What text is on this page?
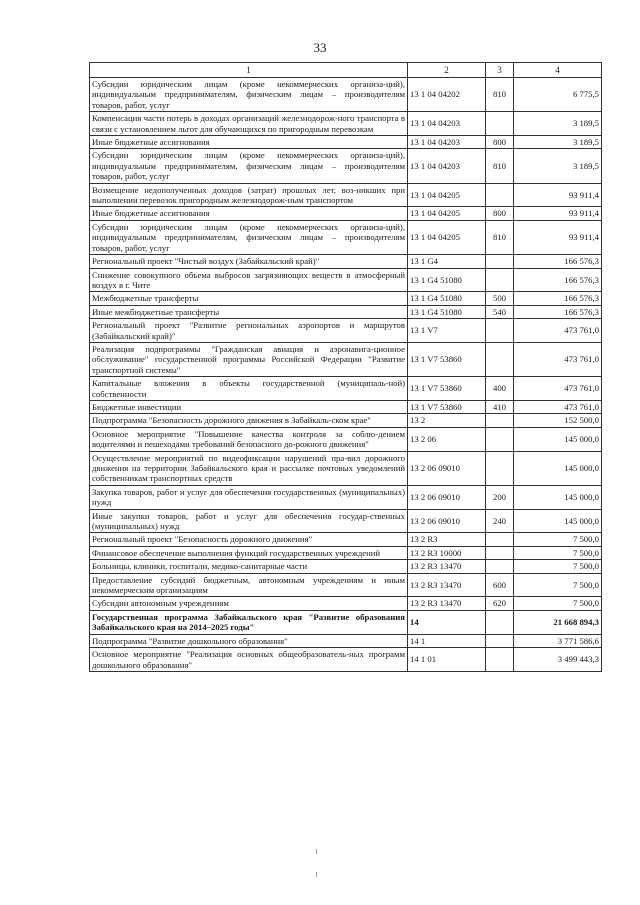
33
1	2	3	4
Субсидии юридическим лицам (кроме некоммерческих организа-ций), индивидуальным предпринимателям, физическим лицам – производителям товаров, работ, услуг	13 1 04 04202	810	6 775,5
Компенсация части потерь в доходах организаций железнодорож-ного транспорта в связи с установлением льгот для обучающихся по пригородным перевозкам	13 1 04 04203		3 189,5
Иные бюджетные ассигнования	13 1 04 04203	800	3 189,5
Субсидии юридическим лицам (кроме некоммерческих организа-ций), индивидуальным предпринимателям, физическим лицам – производителям товаров, работ, услуг	13 1 04 04203	810	3 189,5
Возмещение недополученных доходов (затрат) прошлых лет, воз-никших при выполнении перевозок пригородным железнодорож-ным транспортом	13 1 04 04205		93 911,4
Иные бюджетные ассигнования	13 1 04 04205	800	93 911,4
Субсидии юридическим лицам (кроме некоммерческих организа-ций), индивидуальным предпринимателям, физическим лицам – производителям товаров, работ, услуг	13 1 04 04205	810	93 911,4
Региональный проект "Чистый воздух (Забайкальский край)"	13 1 G4		166 576,3
Снижение совокупного объема выбросов загрязняющих веществ в атмосферный воздух в г. Чите	13 1 G4 51080		166 576,3
Межбюджетные трансферты	13 1 G4 51080	500	166 576,3
Иные межбюджетные трансферты	13 1 G4 51080	540	166 576,3
Региональный проект "Развитие региональных аэропортов и маршрутов (Забайкальский край)"	13 1 V7		473 761,0
Реализация подпрограммы "Гражданская авиация и аэронавига-ционное обслуживание" государственной программы Российской Федерации "Развитие транспортной системы"	13 1 V7 53860		473 761,0
Капитальные вложения в объекты государственной (муниципаль-ной) собственности	13 1 V7 53860	400	473 761,0
Бюджетные инвестиции	13 1 V7 53860	410	473 761,0
Подпрограмма "Безопасность дорожного движения в Забайкаль-ском крае"	13 2		152 500,0
Основное мероприятие "Повышение качества контроля за соблю-дением водителями и пешеходами требований безопасного до-рожного движения"	13 2 06		145 000,0
Осуществление мероприятий по видеофиксации нарушений пра-вил дорожного движения на территории Забайкальского края и рассылке почтовых уведомлений собственникам транспортных средств	13 2 06 09010		145 000,0
Закупка товаров, работ и услуг для обеспечения государственных (муниципальных) нужд	13 2 06 09010	200	145 000,0
Иные закупки товаров, работ и услуг для обеспечения государ-ственных (муниципальных) нужд	13 2 06 09010	240	145 000,0
Региональный проект "Безопасность дорожного движения"	13 2 R3		7 500,0
Финансовое обеспечение выполнения функций государственных учреждений	13 2 R3 10000		7 500,0
Больницы, клиники, госпитали, медико-санитарные части	13 2 R3 13470		7 500,0
Предоставление субсидий бюджетным, автономным учреждениям и иным некоммерческим организациям	13 2 R3 13470	600	7 500,0
Субсидии автономным учреждениям	13 2 R3 13470	620	7 500,0
Государственная программа Забайкальского края "Развитие образования Забайкальского края на 2014–2025 годы"	14		21 668 894,3
Подпрограмма "Развитие дошкольного образования"	14 1		3 771 586,6
Основное мероприятие "Реализация основных общеобразователь-ных программ дошкольного образования"	14 1 01		3 499 443,3
